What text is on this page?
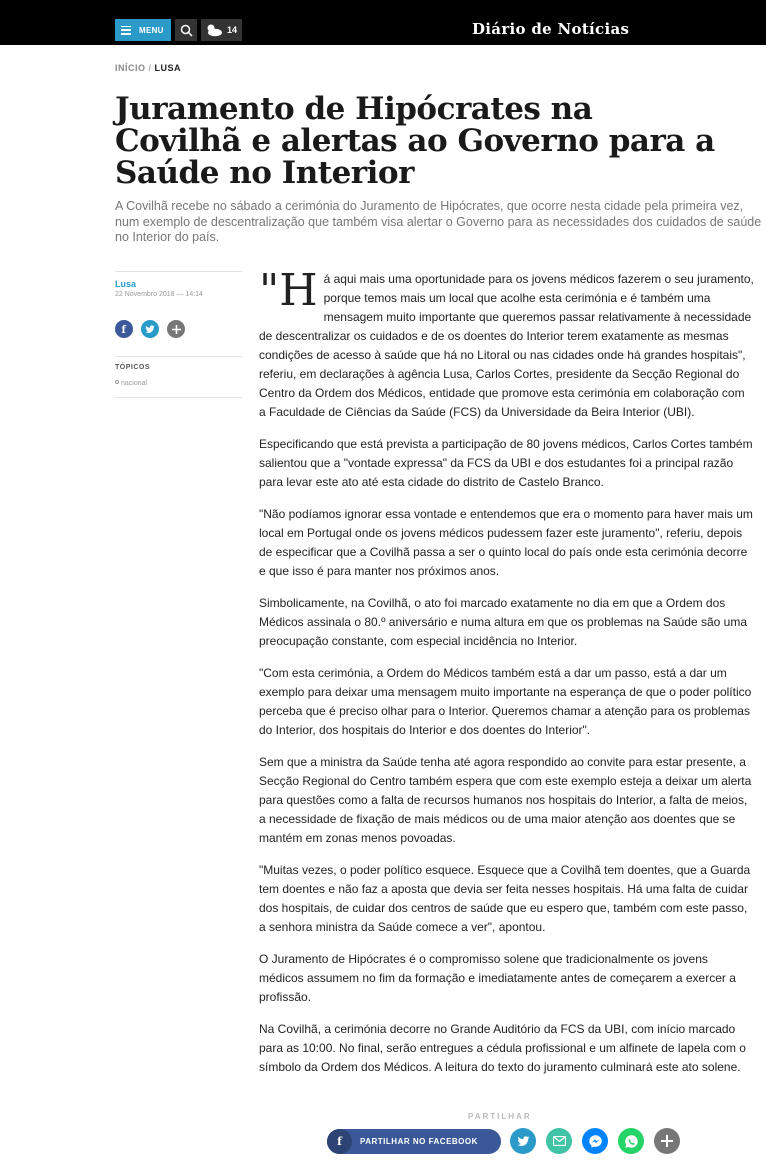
MENU	14	Diário de Notícias
INÍCIO / LUSA
Juramento de Hipócrates na Covilhã e alertas ao Governo para a Saúde no Interior

A Covilhã recebe no sábado a cerimónia do Juramento de Hipócrates, que ocorre nesta cidade pela primeira vez, num exemplo de descentralização que também visa alertar o Governo para as necessidades dos cuidados de saúde no Interior do país.

Lusa
22 Novembro 2018 — 14:14
f
TÓPICOS
nacional

"Há aqui mais uma oportunidade para os jovens médicos fazerem o seu juramento, porque temos mais um local que acolhe esta cerimónia e é também uma mensagem muito importante que queremos passar relativamente à necessidade de descentralizar os cuidados e de os doentes do Interior terem exatamente as mesmas condições de acesso à saúde que há no Litoral ou nas cidades onde há grandes hospitais", referiu, em declarações à agência Lusa, Carlos Cortes, presidente da Secção Regional do Centro da Ordem dos Médicos, entidade que promove esta cerimónia em colaboração com a Faculdade de Ciências da Saúde (FCS) da Universidade da Beira Interior (UBI).

Especificando que está prevista a participação de 80 jovens médicos, Carlos Cortes também salientou que a "vontade expressa" da FCS da UBI e dos estudantes foi a principal razão para levar este ato até esta cidade do distrito de Castelo Branco.

"Não podíamos ignorar essa vontade e entendemos que era o momento para haver mais um local em Portugal onde os jovens médicos pudessem fazer este juramento", referiu, depois de especificar que a Covilhã passa a ser o quinto local do país onde esta cerimónia decorre e que isso é para manter nos próximos anos.

Simbolicamente, na Covilhã, o ato foi marcado exatamente no dia em que a Ordem dos Médicos assinala o 80.º aniversário e numa altura em que os problemas na Saúde são uma preocupação constante, com especial incidência no Interior.

"Com esta cerimónia, a Ordem do Médicos também está a dar um passo, está a dar um exemplo para deixar uma mensagem muito importante na esperança de que o poder político perceba que é preciso olhar para o Interior. Queremos chamar a atenção para os problemas do Interior, dos hospitais do Interior e dos doentes do Interior".

Sem que a ministra da Saúde tenha até agora respondido ao convite para estar presente, a Secção Regional do Centro também espera que com este exemplo esteja a deixar um alerta para questões como a falta de recursos humanos nos hospitais do Interior, a falta de meios, a necessidade de fixação de mais médicos ou de uma maior atenção aos doentes que se mantém em zonas menos povoadas.

"Muitas vezes, o poder político esquece. Esquece que a Covilhã tem doentes, que a Guarda tem doentes e não faz a aposta que devia ser feita nesses hospitais. Há uma falta de cuidar dos hospitais, de cuidar dos centros de saúde que eu espero que, também com este passo, a senhora ministra da Saúde comece a ver", apontou.

O Juramento de Hipócrates é o compromisso solene que tradicionalmente os jovens médicos assumem no fim da formação e imediatamente antes de começarem a exercer a profissão.

Na Covilhã, a cerimónia decorre no Grande Auditório da FCS da UBI, com início marcado para as 10:00. No final, serão entregues a cédula profissional e um alfinete de lapela com o símbolo da Ordem dos Médicos. A leitura do texto do juramento culminará este ato solene.

PARTILHAR
f	PARTILHAR NO FACEBOOK
